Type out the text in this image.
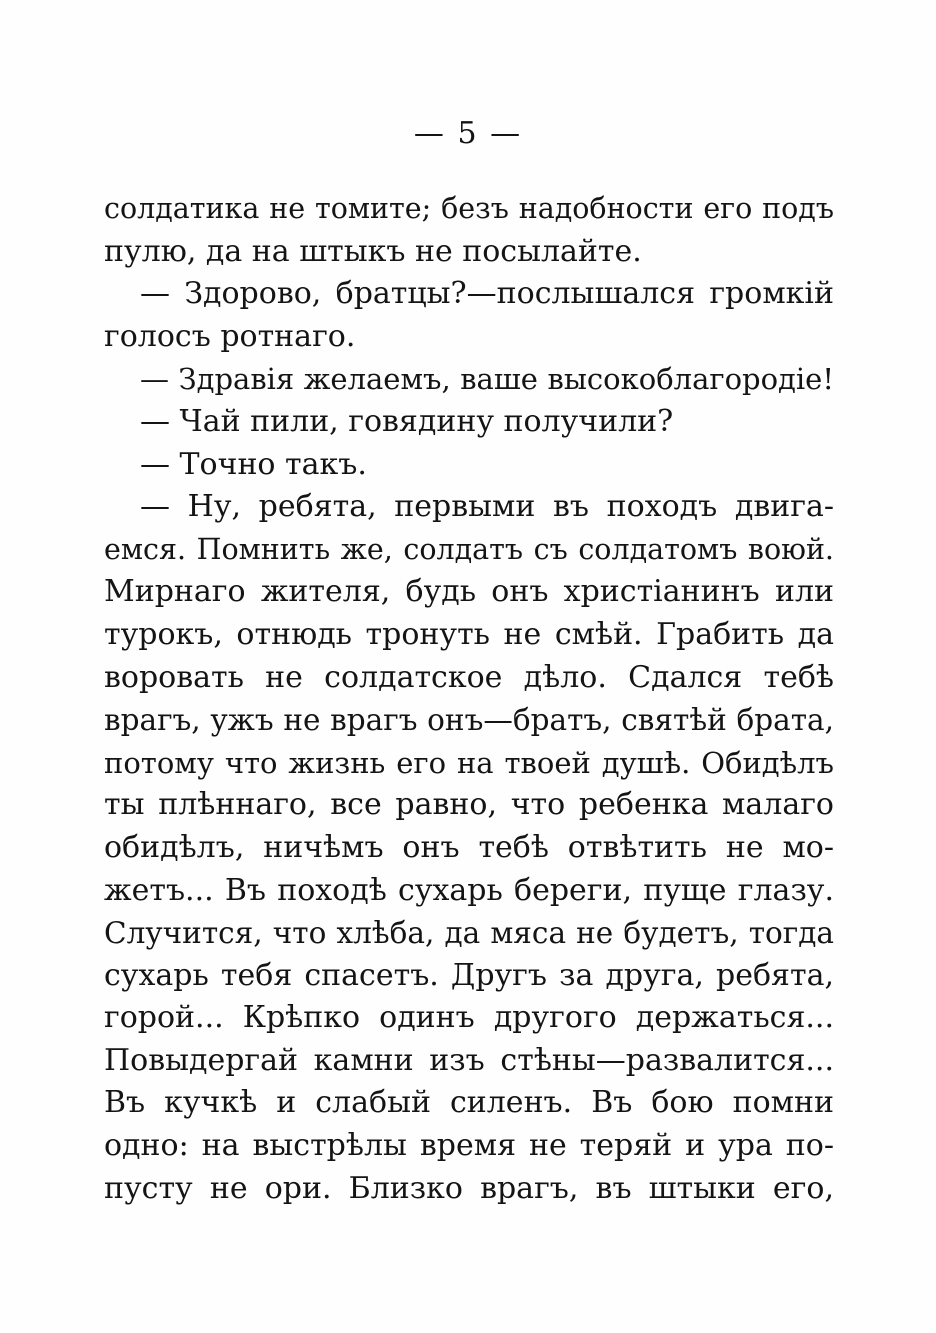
— 5 —
солдатика не томите; безъ надобности его подъ
пулю, да на штыкъ не посылайте.
— Здорово, братцы?—послышался громкій
голосъ ротнаго.
— Здравія желаемъ, ваше высокоблагородіе!
— Чай пили, говядину получили?
— Точно такъ.
— Ну, ребята, первыми въ походъ двига-
емся. Помнить же, солдатъ съ солдатомъ воюй.
Мирнаго жителя, будь онъ христіанинъ или
турокъ, отнюдь тронуть не смѣй. Грабить да
воровать не солдатское дѣло. Сдался тебѣ
врагъ, ужъ не врагъ онъ—братъ, святѣй брата,
потому что жизнь его на твоей душѣ. Обидѣлъ
ты плѣннаго, все равно, что ребенка малаго
обидѣлъ, ничѣмъ онъ тебѣ отвѣтить не мо-
жетъ... Въ походѣ сухарь береги, пуще глазу.
Случится, что хлѣба, да мяса не будетъ, тогда
сухарь тебя спасетъ. Другъ за друга, ребята,
горой... Крѣпко одинъ другого держаться...
Повыдергай камни изъ стѣны—развалится...
Въ кучкѣ и слабый силенъ. Въ бою помни
одно: на выстрѣлы время не теряй и ура по-
пусту не ори. Близко врагъ, въ штыки его,
